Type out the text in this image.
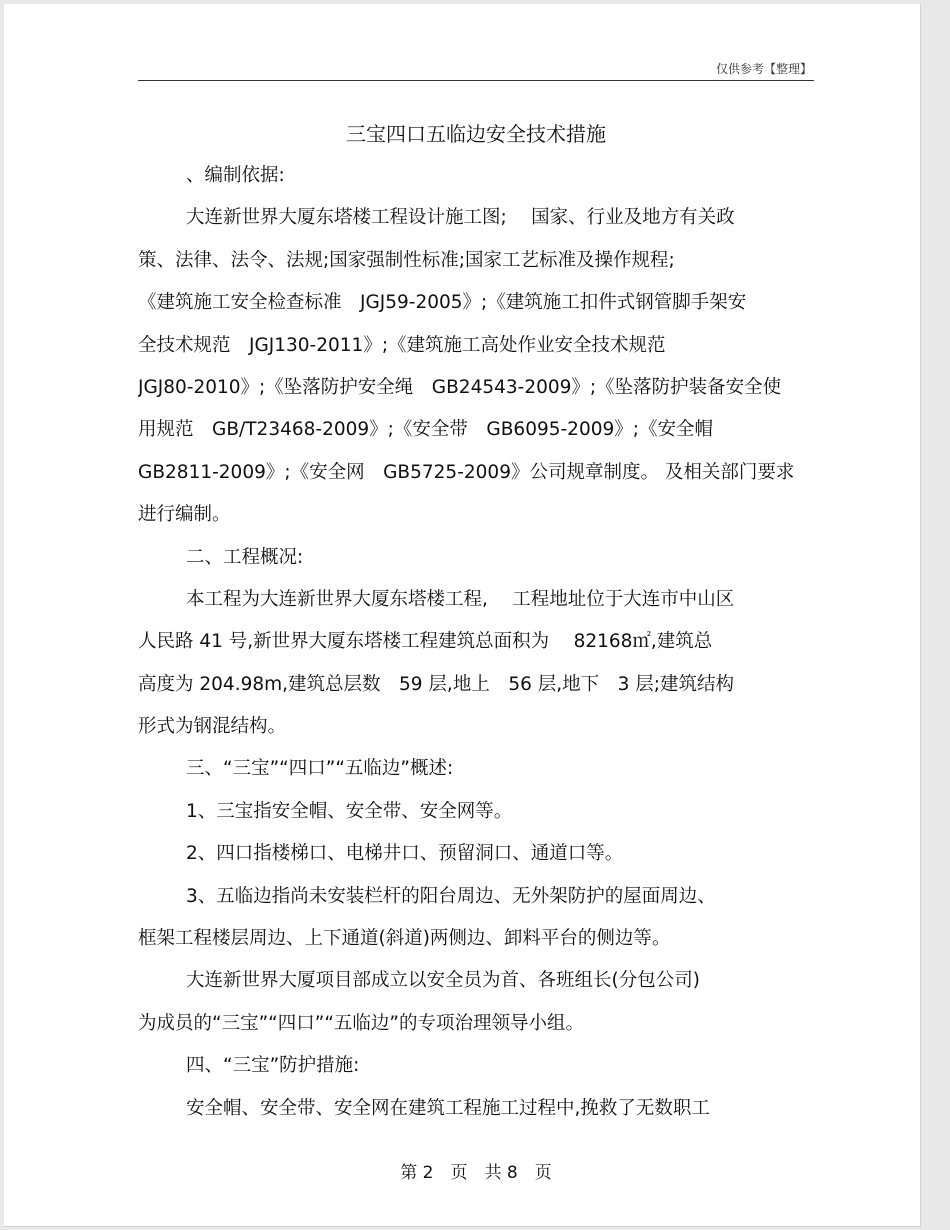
仅供参考【整理】
三宝四口五临边安全技术措施
、编制依据:
大连新世界大厦东塔楼工程设计施工图;　 国家、行业及地方有关政
策、法律、法令、法规;国家强制性标准;国家工艺标准及操作规程;
《建筑施工安全检查标准　JGJ59-2005》;《建筑施工扣件式钢管脚手架安
全技术规范　JGJ130-2011》;《建筑施工高处作业安全技术规范
JGJ80-2010》;《坠落防护安全绳　GB24543-2009》;《坠落防护装备安全使
用规范　GB/T23468-2009》;《安全带　GB6095-2009》;《安全帽
GB2811-2009》;《安全网　GB5725-2009》公司规章制度。 及相关部门要求
进行编制。
二、工程概况:
本工程为大连新世界大厦东塔楼工程,　 工程地址位于大连市中山区
人民路 41 号,新世界大厦东塔楼工程建筑总面积为　 82168㎡,建筑总
高度为 204.98m,建筑总层数　59 层,地上　56 层,地下　3 层;建筑结构
形式为钢混结构。
三、“三宝”“四口”“五临边”概述:
1、三宝指安全帽、安全带、安全网等。
2、四口指楼梯口、电梯井口、预留洞口、通道口等。
3、五临边指尚未安装栏杆的阳台周边、无外架防护的屋面周边、
框架工程楼层周边、上下通道(斜道)两侧边、卸料平台的侧边等。
大连新世界大厦项目部成立以安全员为首、各班组长(分包公司)
为成员的“三宝”“四口”“五临边”的专项治理领导小组。
四、“三宝”防护措施:
安全帽、安全带、安全网在建筑工程施工过程中,挽救了无数职工
第 2　页　共 8　页
